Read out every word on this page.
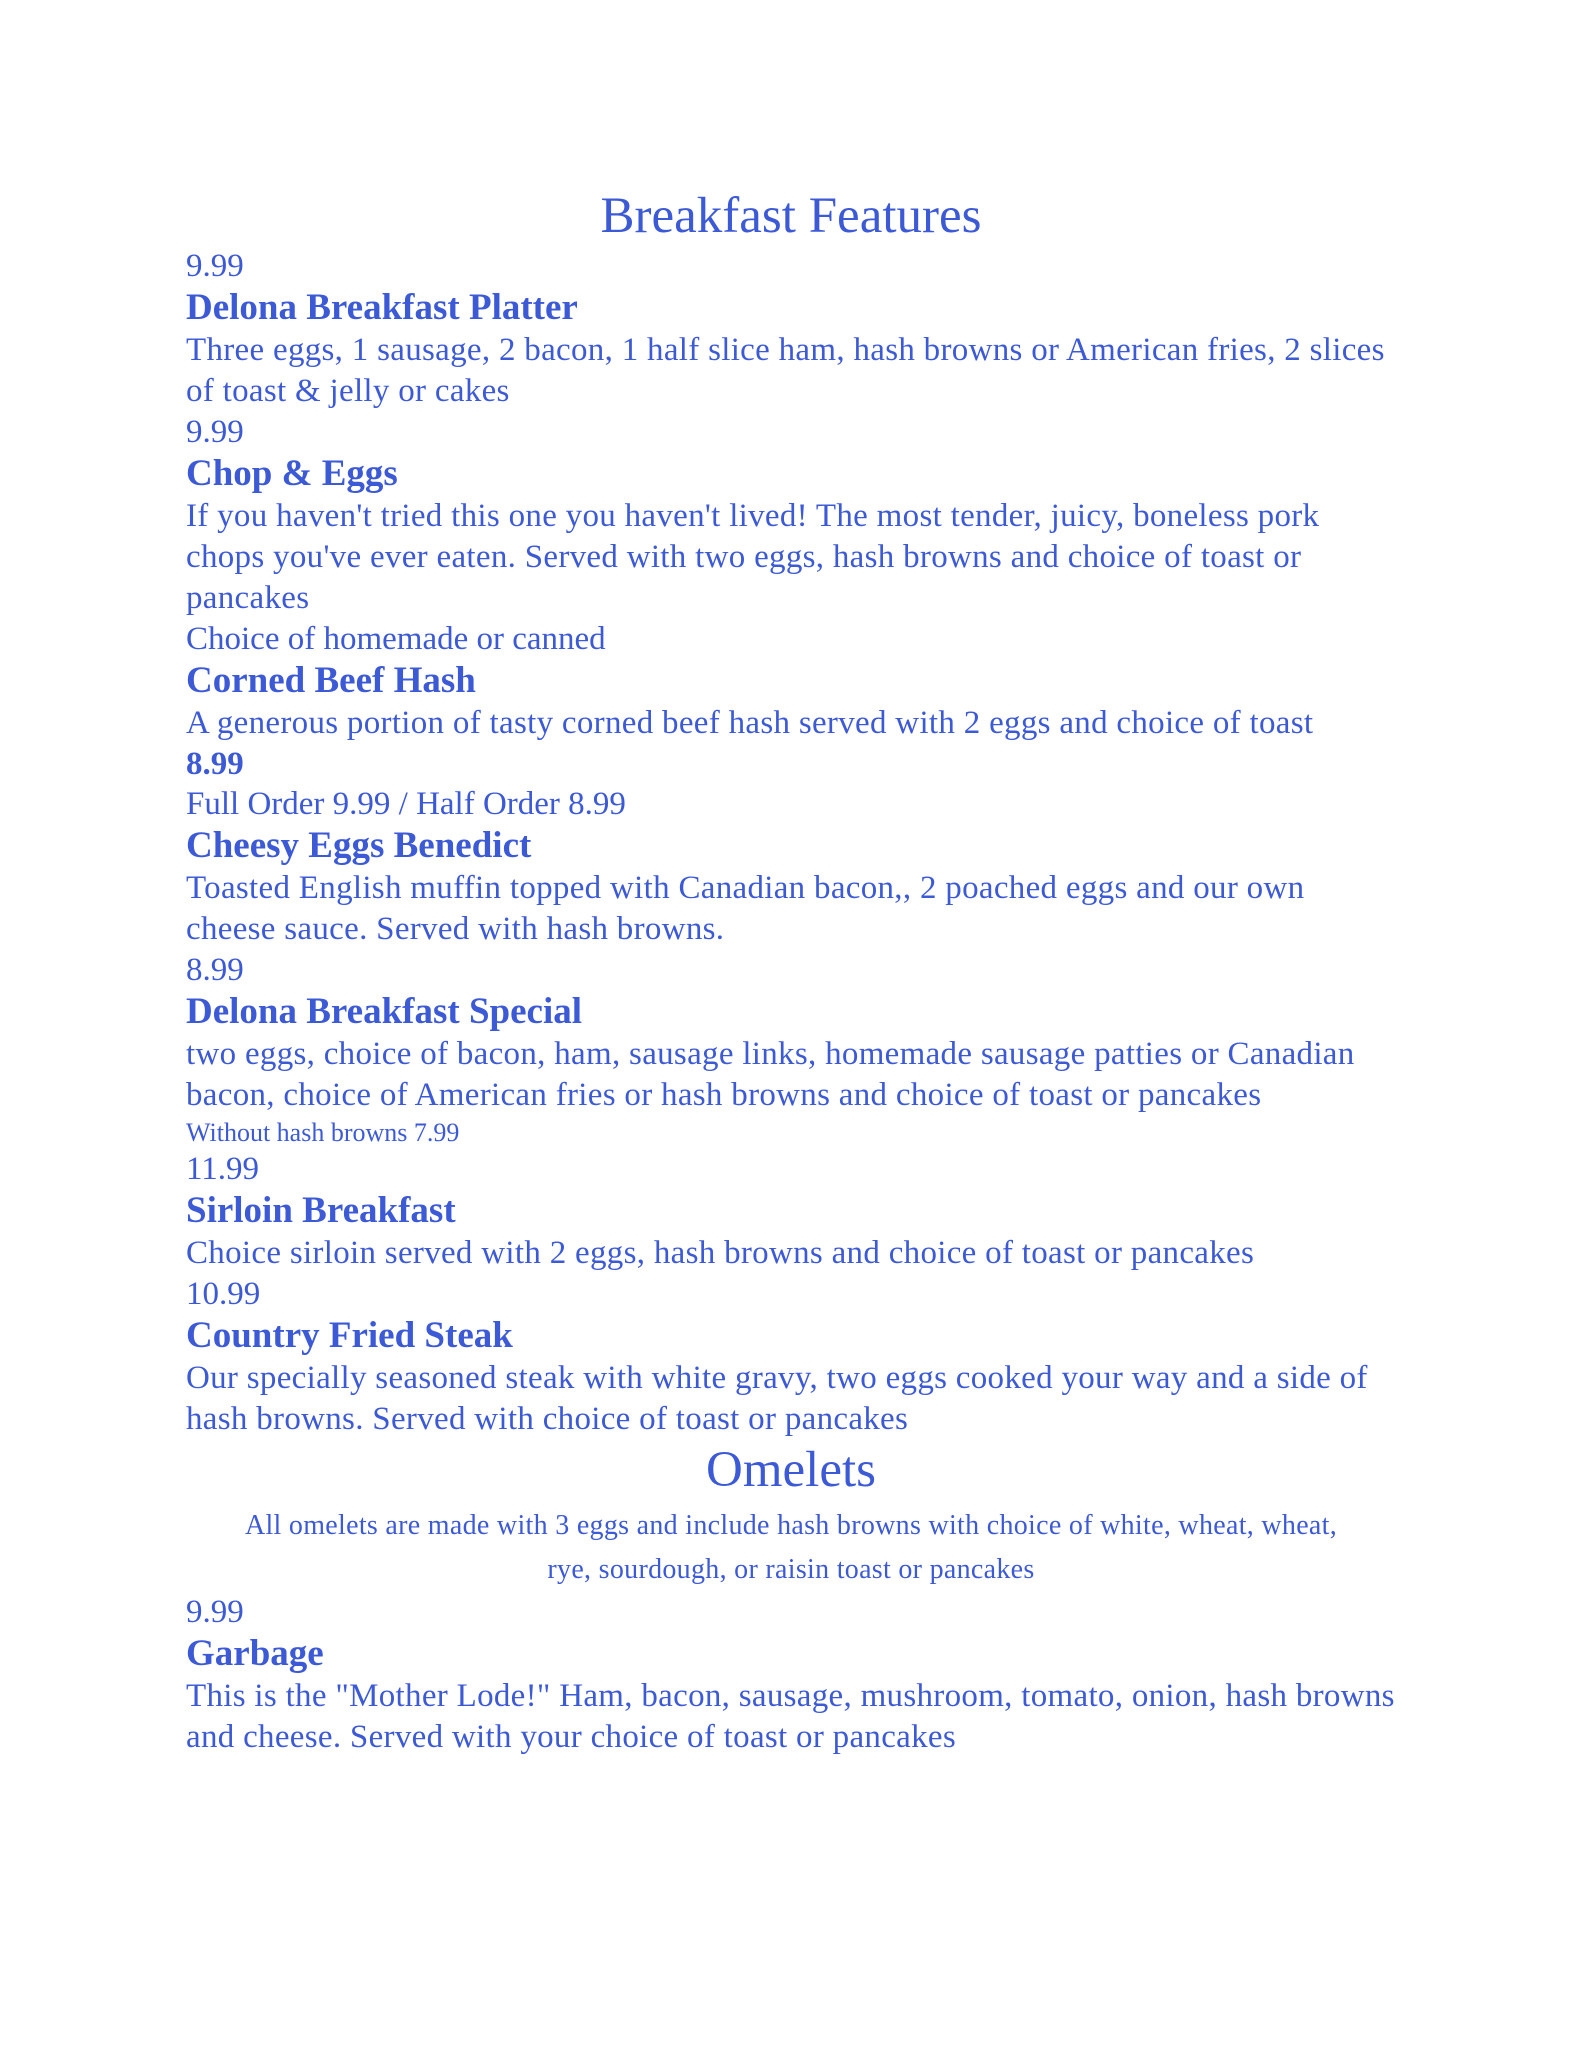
Breakfast Features
9.99
Delona Breakfast Platter
Three eggs, 1 sausage, 2 bacon, 1 half slice ham, hash browns or American fries, 2 slices of toast & jelly or cakes
9.99
Chop & Eggs
If you haven't tried this one you haven't lived! The most tender, juicy, boneless pork chops you've ever eaten. Served with two eggs, hash browns and choice of toast or pancakes
Choice of homemade or canned
Corned Beef Hash
A generous portion of tasty corned beef hash served with 2 eggs and choice of toast
8.99
Full Order 9.99 / Half Order 8.99
Cheesy Eggs Benedict
Toasted English muffin topped with Canadian bacon,, 2 poached eggs and our own cheese sauce. Served with hash browns.
8.99
Delona Breakfast Special
two eggs, choice of bacon, ham, sausage links, homemade sausage patties or Canadian bacon, choice of American fries or hash browns and choice of toast or pancakes
Without hash browns 7.99
11.99
Sirloin Breakfast
Choice sirloin served with 2 eggs, hash browns and choice of toast or pancakes
10.99
Country Fried Steak
Our specially seasoned steak with white gravy, two eggs cooked your way and a side of hash browns. Served with choice of toast or pancakes
Omelets
All omelets are made with 3 eggs and include hash browns with choice of white, wheat, wheat, rye, sourdough, or raisin toast or pancakes
9.99
Garbage
This is the "Mother Lode!" Ham, bacon, sausage, mushroom, tomato, onion, hash browns and cheese. Served with your choice of toast or pancakes
